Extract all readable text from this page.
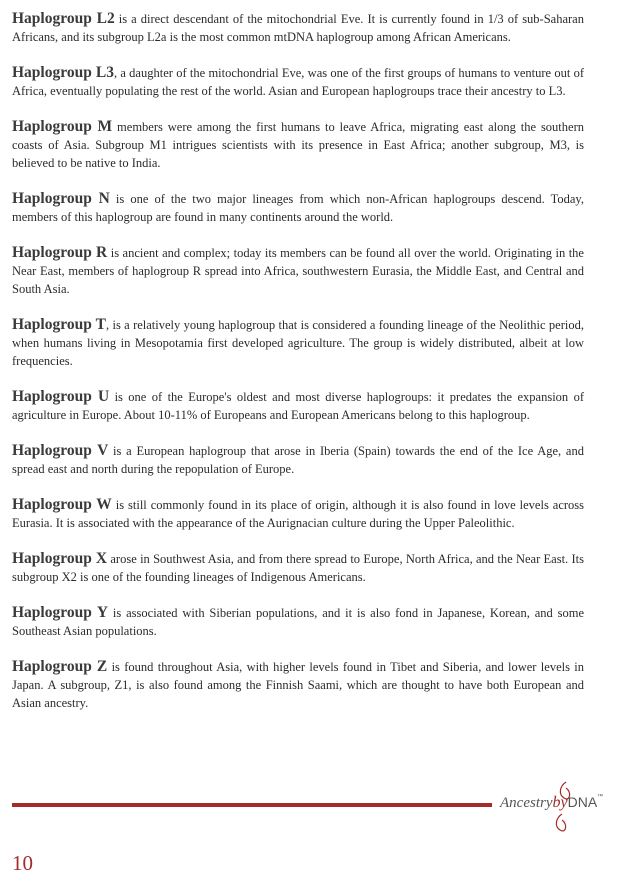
Haplogroup L2 is a direct descendant of the mitochondrial Eve. It is currently found in 1/3 of sub-Saharan Africans, and its subgroup L2a is the most common mtDNA haplogroup among African Americans.

Haplogroup L3, a daughter of the mitochondrial Eve, was one of the first groups of humans to venture out of Africa, eventually populating the rest of the world. Asian and European haplogroups trace their ancestry to L3.

Haplogroup M members were among the first humans to leave Africa, migrating east along the southern coasts of Asia. Subgroup M1 intrigues scientists with its presence in East Africa; another subgroup, M3, is believed to be native to India.

Haplogroup N is one of the two major lineages from which non-African haplogroups descend. Today, members of this haplogroup are found in many continents around the world.

Haplogroup R is ancient and complex; today its members can be found all over the world. Originating in the Near East, members of haplogroup R spread into Africa, southwestern Eurasia, the Middle East, and Central and South Asia.

Haplogroup T, is a relatively young haplogroup that is considered a founding lineage of the Neolithic period, when humans living in Mesopotamia first developed agriculture. The group is widely distributed, albeit at low frequencies.

Haplogroup U is one of the Europe's oldest and most diverse haplogroups: it predates the expansion of agriculture in Europe. About 10-11% of Europeans and European Americans belong to this haplogroup.

Haplogroup V is a European haplogroup that arose in Iberia (Spain) towards the end of the Ice Age, and spread east and north during the repopulation of Europe.

Haplogroup W is still commonly found in its place of origin, although it is also found in love levels across Eurasia. It is associated with the appearance of the Aurignacian culture during the Upper Paleolithic.

Haplogroup X arose in Southwest Asia, and from there spread to Europe, North Africa, and the Near East. Its subgroup X2 is one of the founding lineages of Indigenous Americans.

Haplogroup Y is associated with Siberian populations, and it is also fond in Japanese, Korean, and some Southeast Asian populations.

Haplogroup Z is found throughout Asia, with higher levels found in Tibet and Siberia, and lower levels in Japan. A subgroup, Z1, is also found among the Finnish Saami, which are thought to have both European and Asian ancestry.

AncestrybyDNA™
10
